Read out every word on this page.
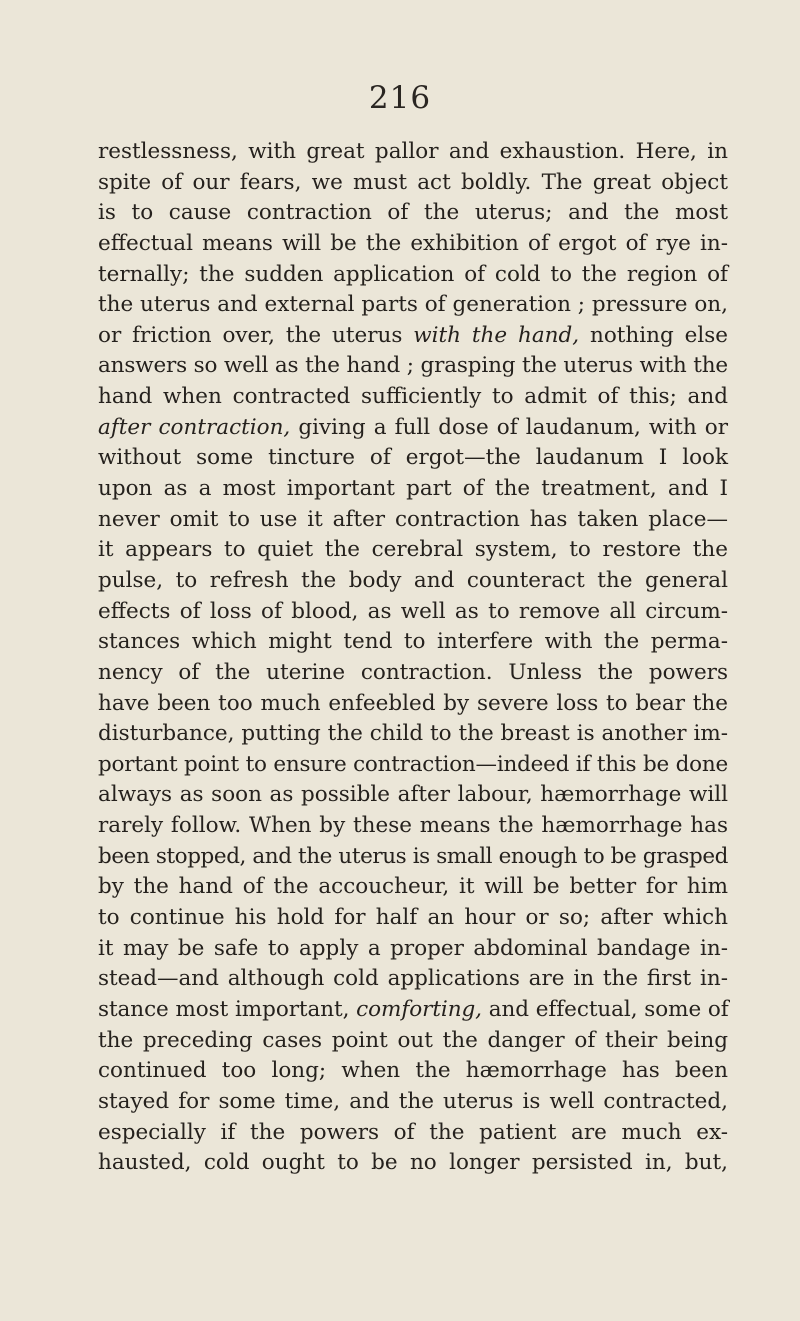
216
restlessness, with great pallor and exhaustion. Here, in
spite of our fears, we must act boldly. The great object
is to cause contraction of the uterus; and the most
effectual means will be the exhibition of ergot of rye in-
ternally; the sudden application of cold to the region of
the uterus and external parts of generation ; pressure on,
or friction over, the uterus with the hand, nothing else
answers so well as the hand ; grasping the uterus with the
hand when contracted sufficiently to admit of this; and
after contraction, giving a full dose of laudanum, with or
without some tincture of ergot—the laudanum I look
upon as a most important part of the treatment, and I
never omit to use it after contraction has taken place—
it appears to quiet the cerebral system, to restore the
pulse, to refresh the body and counteract the general
effects of loss of blood, as well as to remove all circum-
stances which might tend to interfere with the perma-
nency of the uterine contraction. Unless the powers
have been too much enfeebled by severe loss to bear the
disturbance, putting the child to the breast is another im-
portant point to ensure contraction—indeed if this be done
always as soon as possible after labour, hæmorrhage will
rarely follow. When by these means the hæmorrhage has
been stopped, and the uterus is small enough to be grasped
by the hand of the accoucheur, it will be better for him
to continue his hold for half an hour or so; after which
it may be safe to apply a proper abdominal bandage in-
stead—and although cold applications are in the first in-
stance most important, comforting, and effectual, some of
the preceding cases point out the danger of their being
continued too long; when the hæmorrhage has been
stayed for some time, and the uterus is well contracted,
especially if the powers of the patient are much ex-
hausted, cold ought to be no longer persisted in, but,
